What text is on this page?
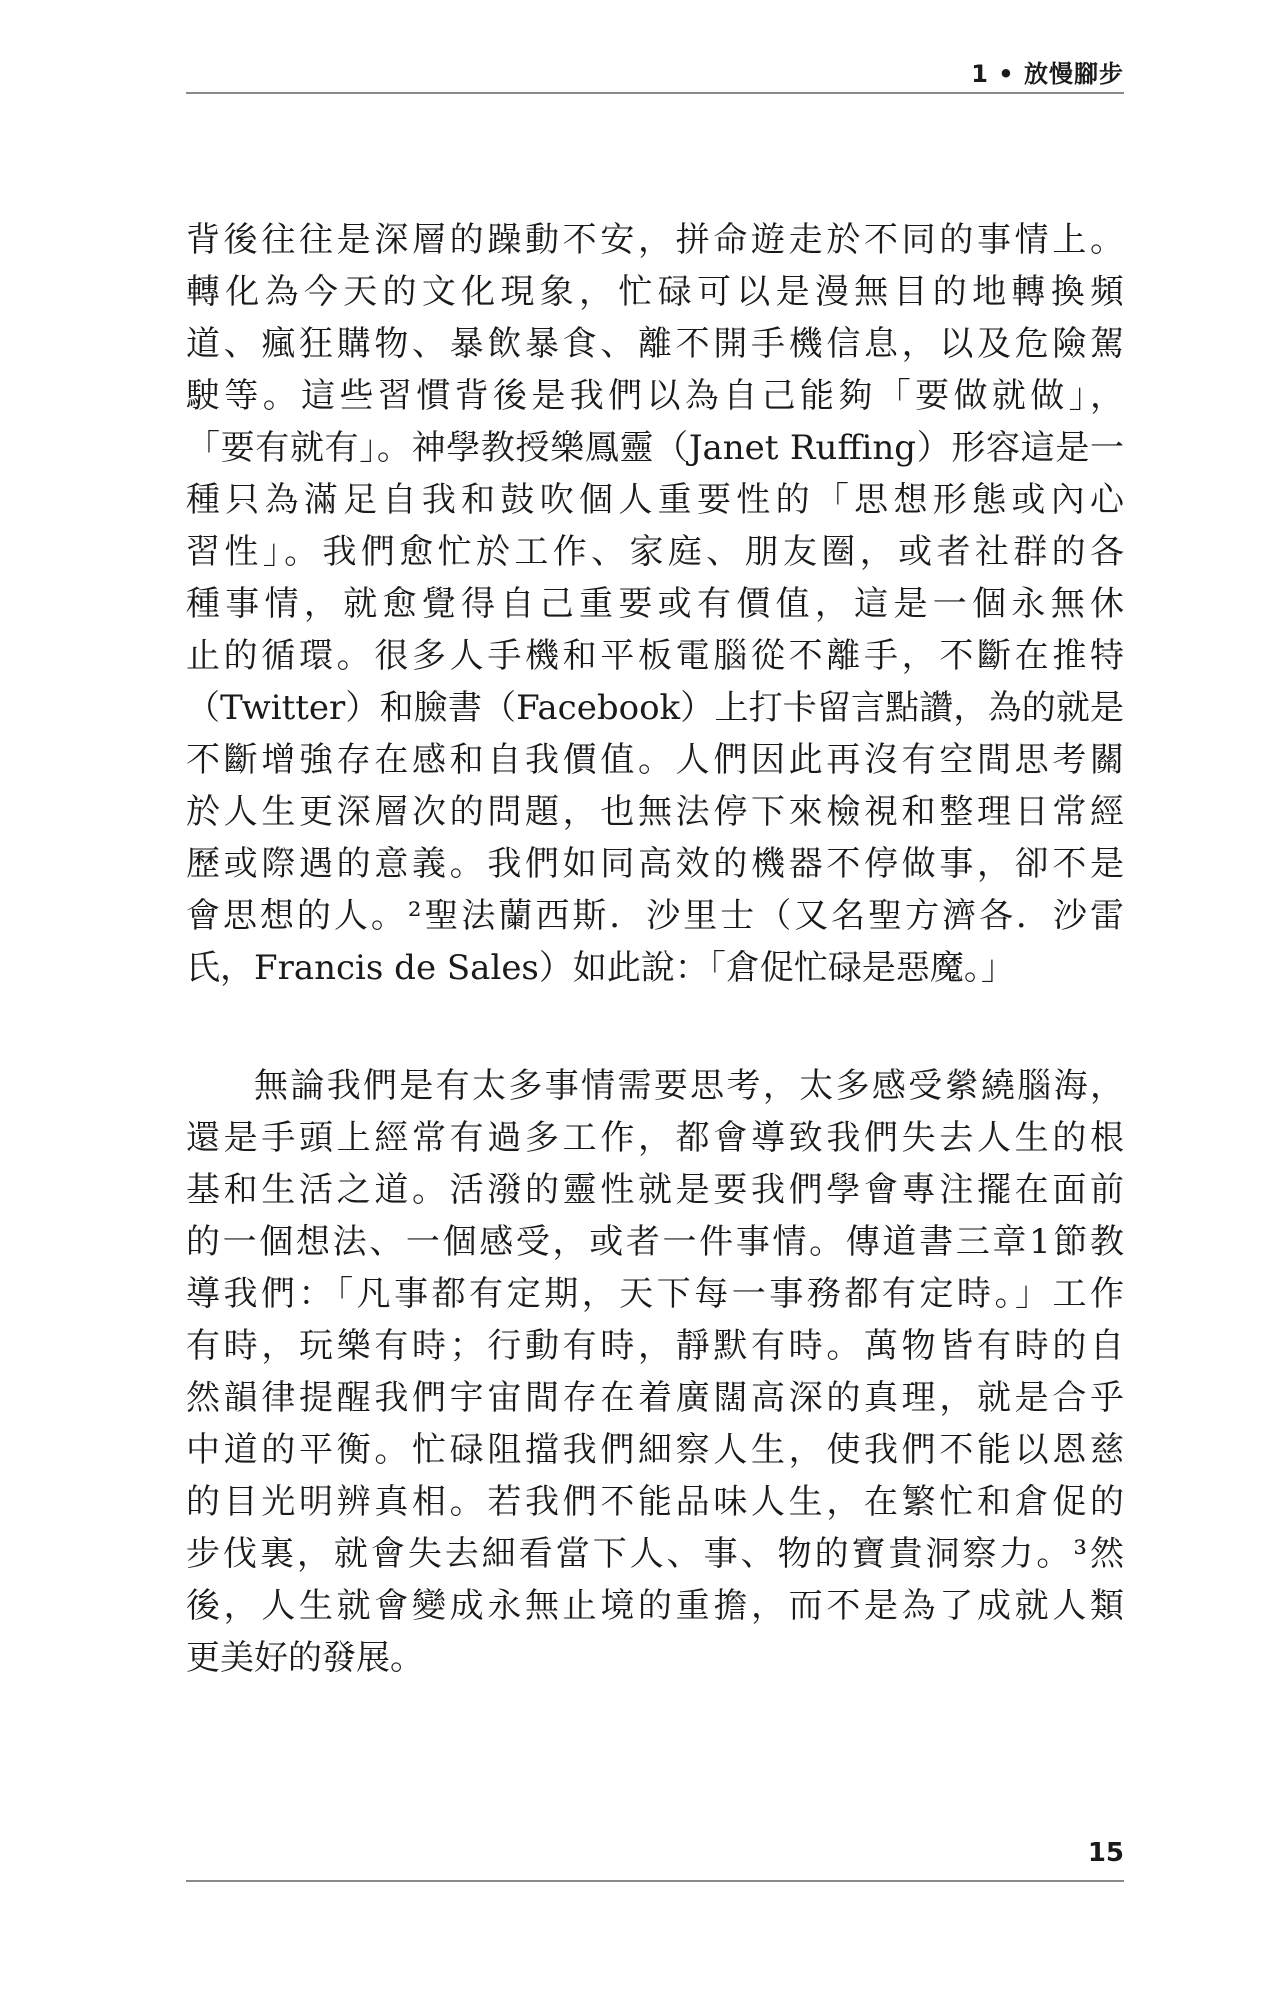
1 • 放慢腳步
背後往往是深層的躁動不安，拼命遊走於不同的事情上。
轉化為今天的文化現象，忙碌可以是漫無目的地轉換頻
道、瘋狂購物、暴飲暴食、離不開手機信息，以及危險駕
駛等。這些習慣背後是我們以為自己能夠「要做就做」，
「要有就有」。神學教授樂鳳靈（Janet Ruffing）形容這是一
種只為滿足自我和鼓吹個人重要性的「思想形態或內心
習性」。我們愈忙於工作、家庭、朋友圈，或者社群的各
種事情，就愈覺得自己重要或有價值，這是一個永無休
止的循環。很多人手機和平板電腦從不離手，不斷在推特
（Twitter）和臉書（Facebook）上打卡留言點讚，為的就是
不斷增強存在感和自我價值。人們因此再沒有空間思考關
於人生更深層次的問題，也無法停下來檢視和整理日常經
歷或際遇的意義。我們如同高效的機器不停做事，卻不是
會思想的人。²聖法蘭西斯．沙里士（又名聖方濟各．沙雷
氏，Francis de Sales）如此說：「倉促忙碌是惡魔。」
無論我們是有太多事情需要思考，太多感受縈繞腦海，
還是手頭上經常有過多工作，都會導致我們失去人生的根
基和生活之道。活潑的靈性就是要我們學會專注擺在面前
的一個想法、一個感受，或者一件事情。傳道書三章1節教
導我們：「凡事都有定期，天下每一事務都有定時。」工作
有時，玩樂有時；行動有時，靜默有時。萬物皆有時的自
然韻律提醒我們宇宙間存在着廣闊高深的真理，就是合乎
中道的平衡。忙碌阻擋我們細察人生，使我們不能以恩慈
的目光明辨真相。若我們不能品味人生，在繁忙和倉促的
步伐裏，就會失去細看當下人、事、物的寶貴洞察力。³然
後，人生就會變成永無止境的重擔，而不是為了成就人類
更美好的發展。
15
